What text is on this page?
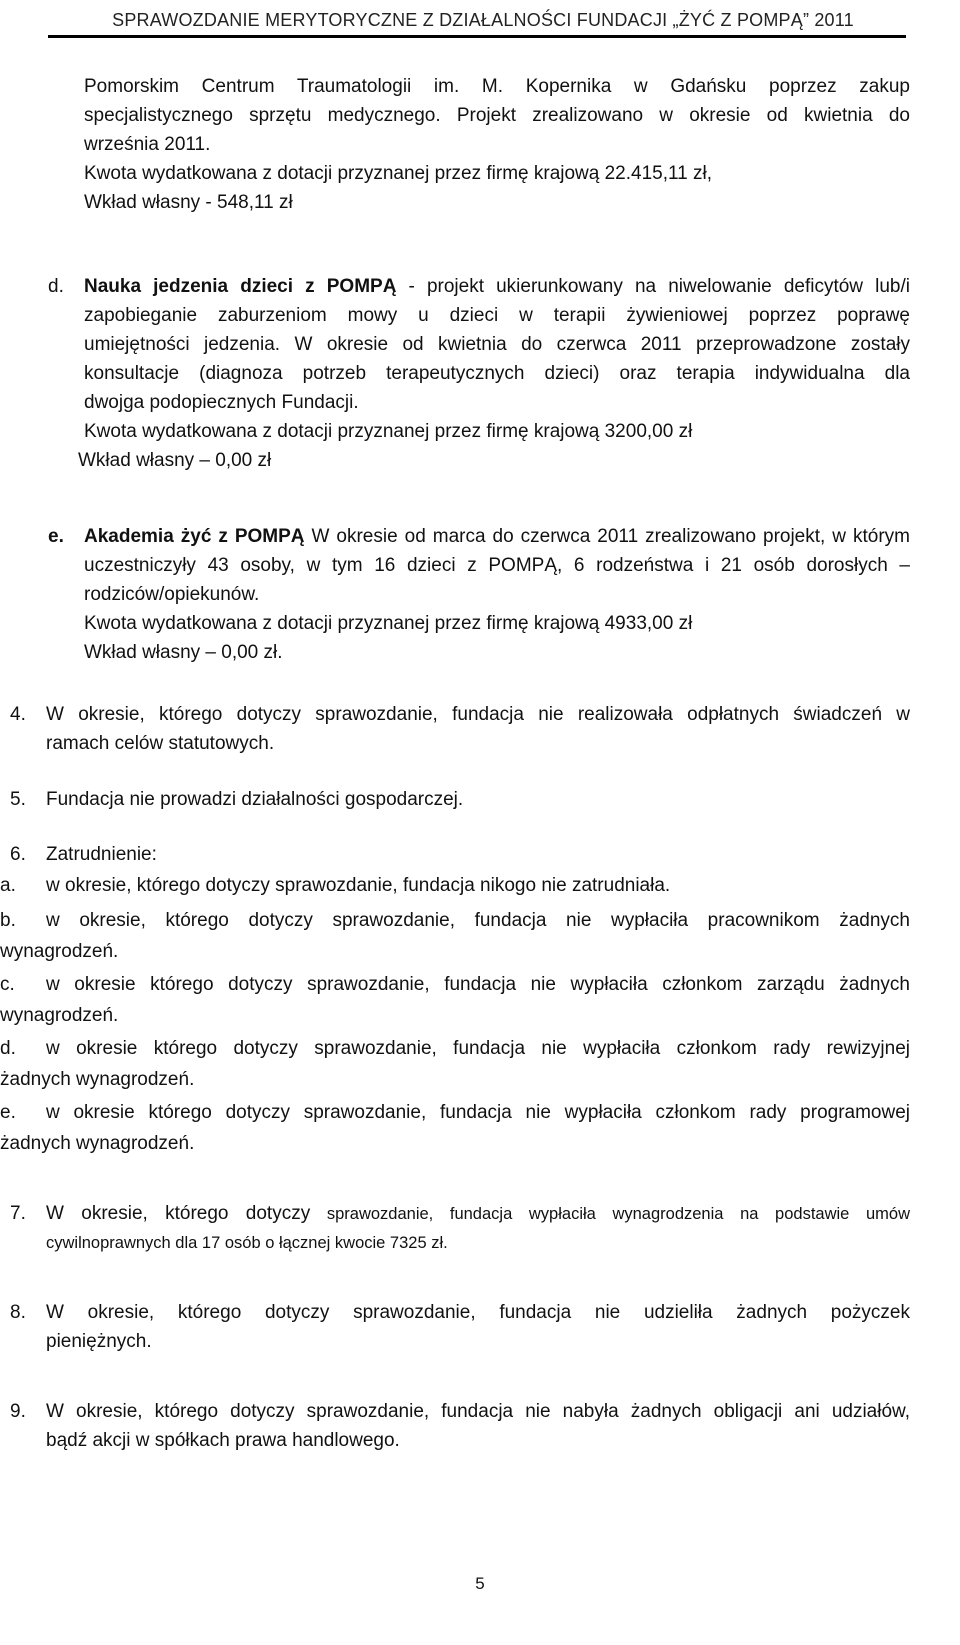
SPRAWOZDANIE MERYTORYCZNE Z DZIAŁALNOŚCI FUNDACJI „ŻYĆ Z POMPĄ” 2011
Pomorskim Centrum Traumatologii im. M. Kopernika w Gdańsku poprzez zakup
specjalistycznego sprzętu medycznego. Projekt zrealizowano w okresie od kwietnia do
września 2011.
Kwota wydatkowana z dotacji przyznanej przez firmę krajową 22.415,11 zł,
Wkład własny - 548,11 zł
d. Nauka jedzenia dzieci z POMPĄ - projekt ukierunkowany na niwelowanie deficytów lub/i
zapobieganie zaburzeniom mowy u dzieci w terapii żywieniowej poprzez poprawę
umiejętności jedzenia. W okresie od kwietnia do czerwca 2011 przeprowadzone zostały
konsultacje (diagnoza potrzeb terapeutycznych dzieci) oraz terapia indywidualna dla
dwojga podopiecznych Fundacji.
Kwota wydatkowana z dotacji przyznanej przez firmę krajową 3200,00 zł
Wkład własny – 0,00 zł
e. Akademia żyć z POMPĄ W okresie od marca do czerwca 2011 zrealizowano projekt, w którym
uczestniczyły 43 osoby, w tym 16 dzieci z POMPĄ, 6 rodzeństwa i 21 osób dorosłych –
rodziców/opiekunów.
Kwota wydatkowana z dotacji przyznanej przez firmę krajową 4933,00 zł
Wkład własny – 0,00 zł.
4. W okresie, którego dotyczy sprawozdanie, fundacja nie realizowała odpłatnych świadczeń w
ramach celów statutowych.
5. Fundacja nie prowadzi działalności gospodarczej.
6. Zatrudnienie:
a. w okresie, którego dotyczy sprawozdanie, fundacja nikogo nie zatrudniała.
b. w okresie, którego dotyczy sprawozdanie, fundacja nie wypłaciła pracownikom żadnych
wynagrodzeń.
c. w okresie którego dotyczy sprawozdanie, fundacja nie wypłaciła członkom zarządu żadnych
wynagrodzeń.
d. w okresie którego dotyczy sprawozdanie, fundacja nie wypłaciła członkom rady rewizyjnej
żadnych wynagrodzeń.
e. w okresie którego dotyczy sprawozdanie, fundacja nie wypłaciła członkom rady programowej
żadnych wynagrodzeń.
7. W okresie, którego dotyczy sprawozdanie, fundacja wypłaciła wynagrodzenia na podstawie umów
cywilnoprawnych dla 17 osób o łącznej kwocie 7325 zł.
8. W okresie, którego dotyczy sprawozdanie, fundacja nie udzieliła żadnych pożyczek
pieniężnych.
9. W okresie, którego dotyczy sprawozdanie, fundacja nie nabyła żadnych obligacji ani udziałów,
bądź akcji w spółkach prawa handlowego.
5
